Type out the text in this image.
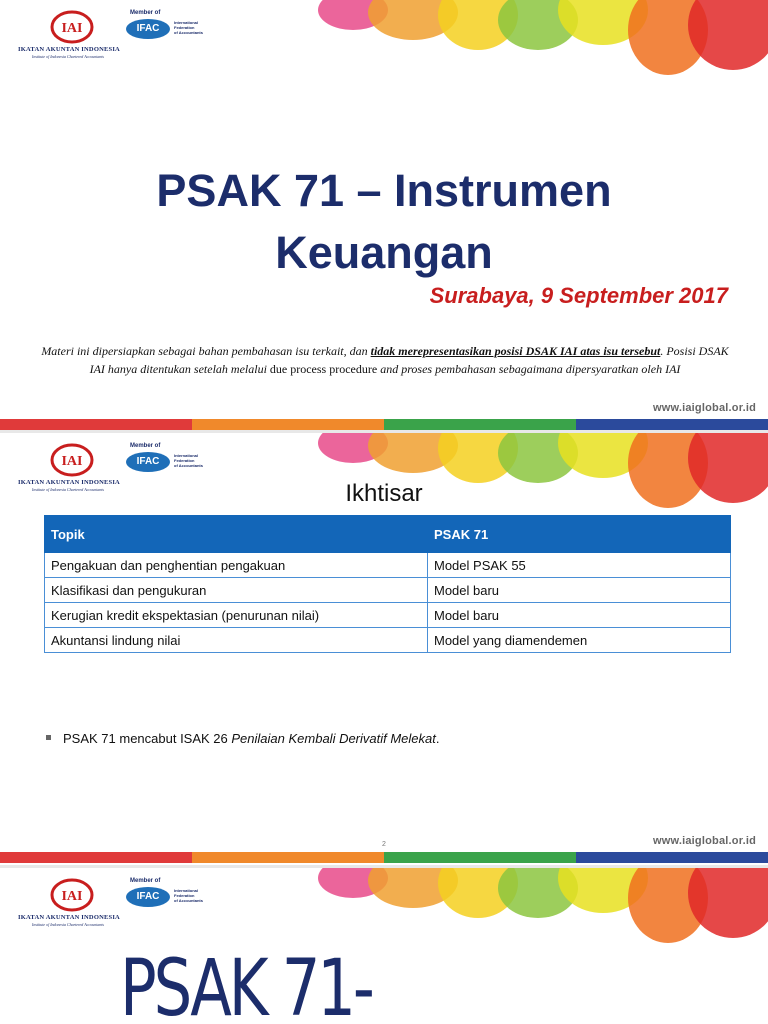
IAI
IKATAN AKUNTAN INDONESIA
Institute of Indonesia Chartered Accountants
Member of
IFAC
International
Federation
of Accountants
PSAK 71 – Instrumen
Keuangan
Surabaya, 9 September 2017
Materi ini dipersiapkan sebagai bahan pembahasan isu terkait, dan tidak merepresentasikan posisi DSAK IAI atas isu tersebut. Posisi DSAK IAI hanya ditentukan setelah melalui due process procedure and proses pembahasan sebagaimana dipersyaratkan oleh IAI
www.iaiglobal.or.id
IAI
IKATAN AKUNTAN INDONESIA
Institute of Indonesia Chartered Accountants
Member of
IFAC
International
Federation
of Accountants
Ikhtisar
Topik	PSAK 71
Pengakuan dan penghentian pengakuan	Model PSAK 55
Klasifikasi dan pengukuran	Model baru
Kerugian kredit ekspektasian (penurunan nilai)	Model baru
Akuntansi lindung nilai	Model yang diamendemen
PSAK 71 mencabut ISAK 26 Penilaian Kembali Derivatif Melekat.
2	www.iaiglobal.or.id
IAI
IKATAN AKUNTAN INDONESIA
Institute of Indonesia Chartered Accountants
Member of
IFAC
International
Federation
of Accountants
PSAK 71-
